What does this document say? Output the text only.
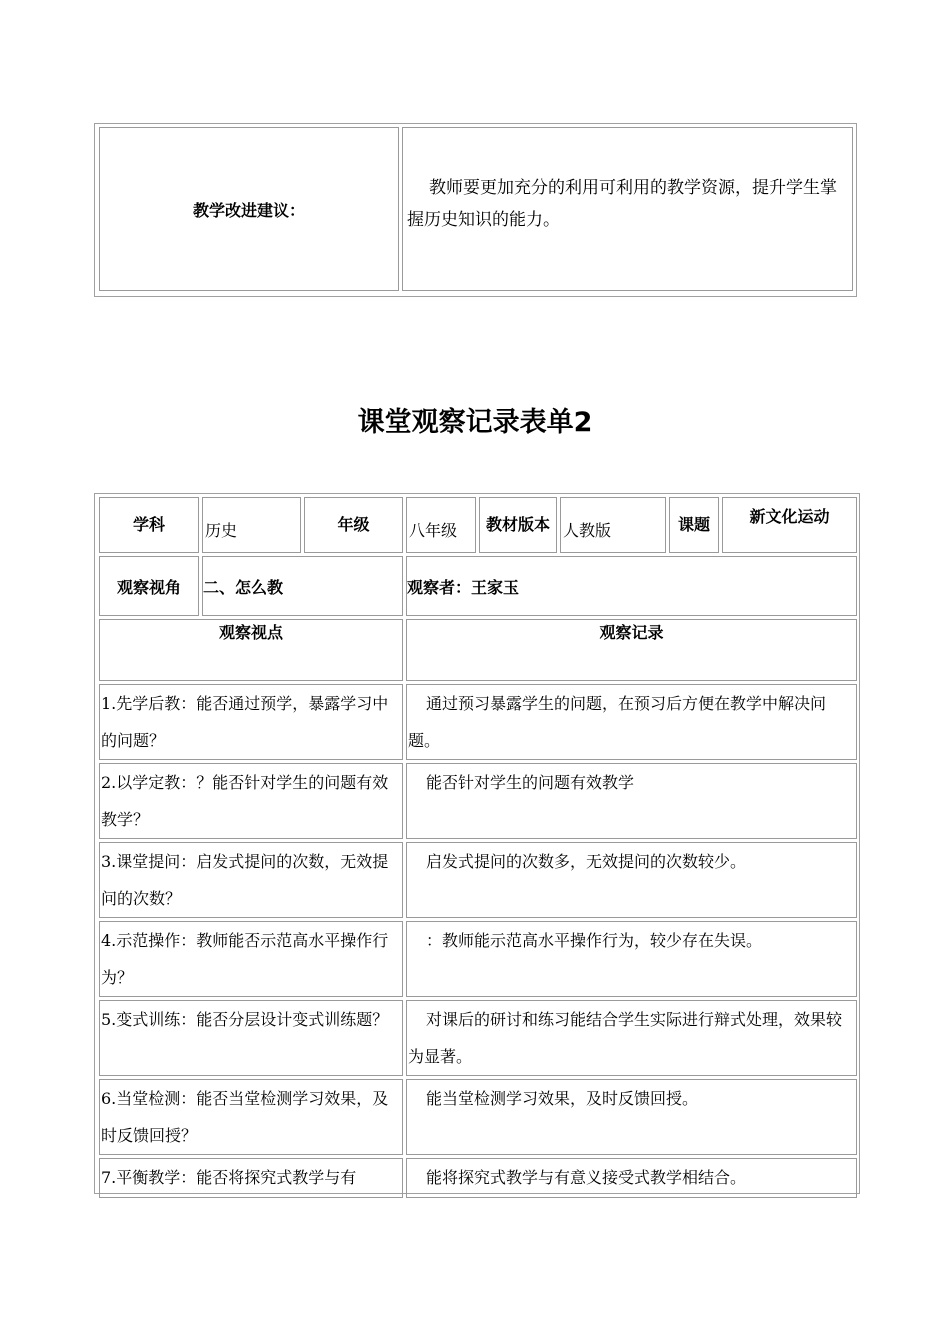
教学改进建议：	教师要更加充分的利用可利用的教学资源，提升学生掌握历史知识的能力。
课堂观察记录表单2
学科	历史	年级	八年级	教材版本	人教版	课题	新文化运动
观察视角	二、怎么教		观察者：王家玉				
观察视点			观察记录				
1.先学后教：能否通过预学，暴露学习中的问题？			通过预习暴露学生的问题，在预习后方便在教学中解决问题。				
2.以学定教：？能否针对学生的问题有效教学？			能否针对学生的问题有效教学				
3.课堂提问：启发式提问的次数，无效提问的次数？			启发式提问的次数多，无效提问的次数较少。				
4.示范操作：教师能否示范高水平操作行为？			：教师能示范高水平操作行为，较少存在失误。				
5.变式训练：能否分层设计变式训练题？			对课后的研讨和练习能结合学生实际进行辩式处理，效果较为显著。				
6.当堂检测：能否当堂检测学习效果，及时反馈回授？			能当堂检测学习效果，及时反馈回授。				
7.平衡教学：能否将探究式教学与有			能将探究式教学与有意义接受式教学相结合。				
